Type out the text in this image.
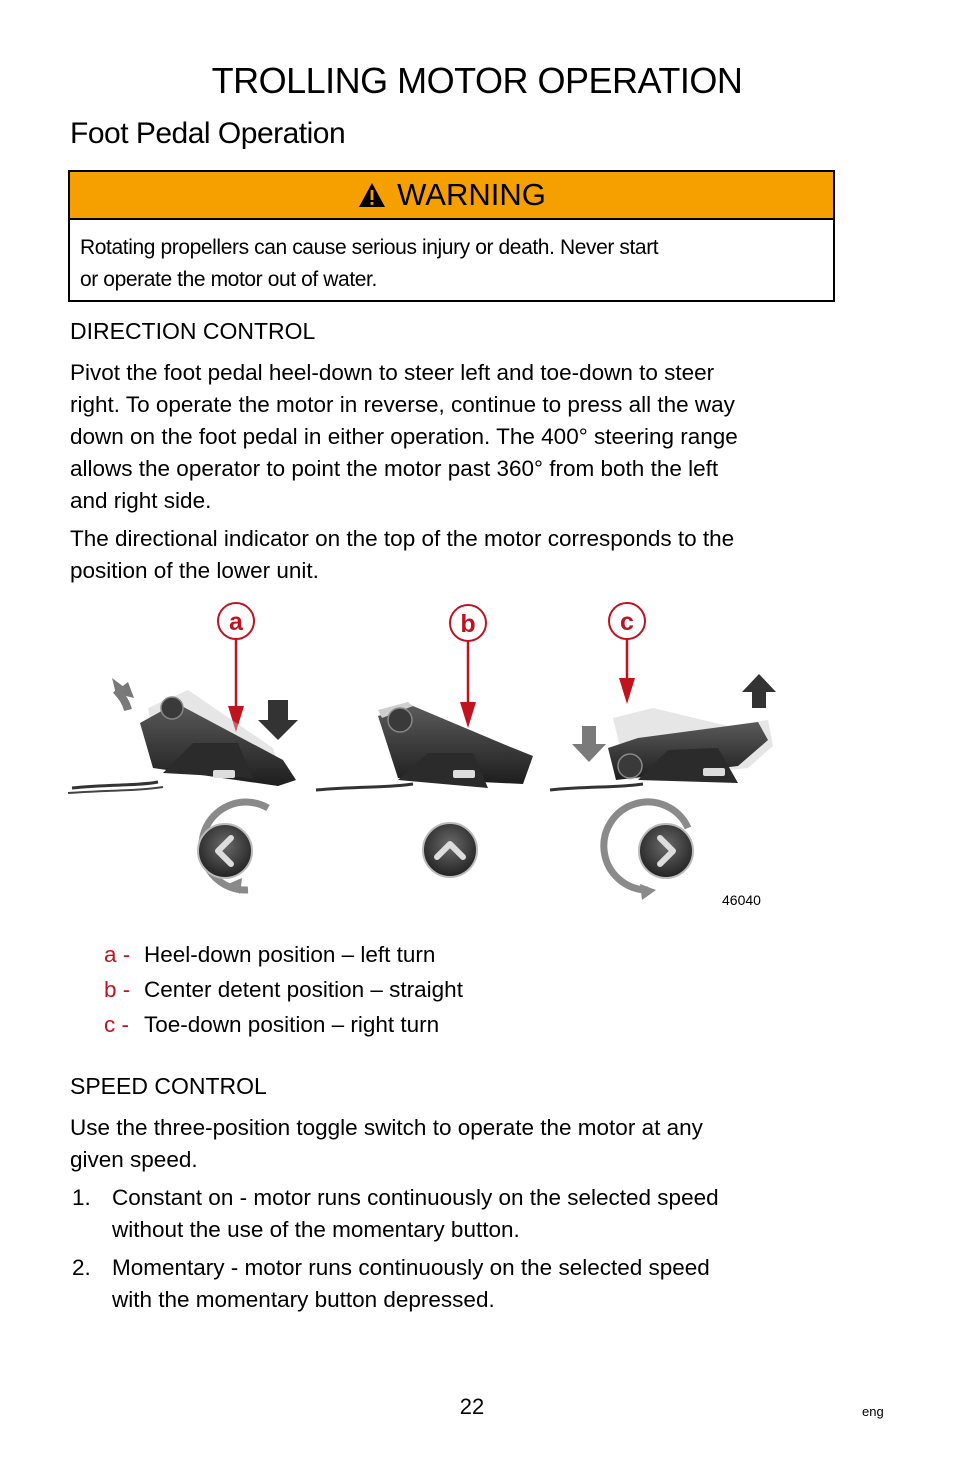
TROLLING MOTOR OPERATION
Foot Pedal Operation
WARNING
Rotating propellers can cause serious injury or death. Never start
or operate the motor out of water.
DIRECTION CONTROL
Pivot the foot pedal heel-down to steer left and toe-down to steer
right. To operate the motor in reverse, continue to press all the way
down on the foot pedal in either operation. The 400° steering range
allows the operator to point the motor past 360° from both the left
and right side.
The directional indicator on the top of the motor corresponds to the
position of the lower unit.
a	b	c
46040
a - Heel-down position – left turn
b - Center detent position – straight
c - Toe-down position – right turn
SPEED CONTROL
Use the three-position toggle switch to operate the motor at any
given speed.
1. Constant on - motor runs continuously on the selected speed
without the use of the momentary button.
2. Momentary - motor runs continuously on the selected speed
with the momentary button depressed.
22	eng
